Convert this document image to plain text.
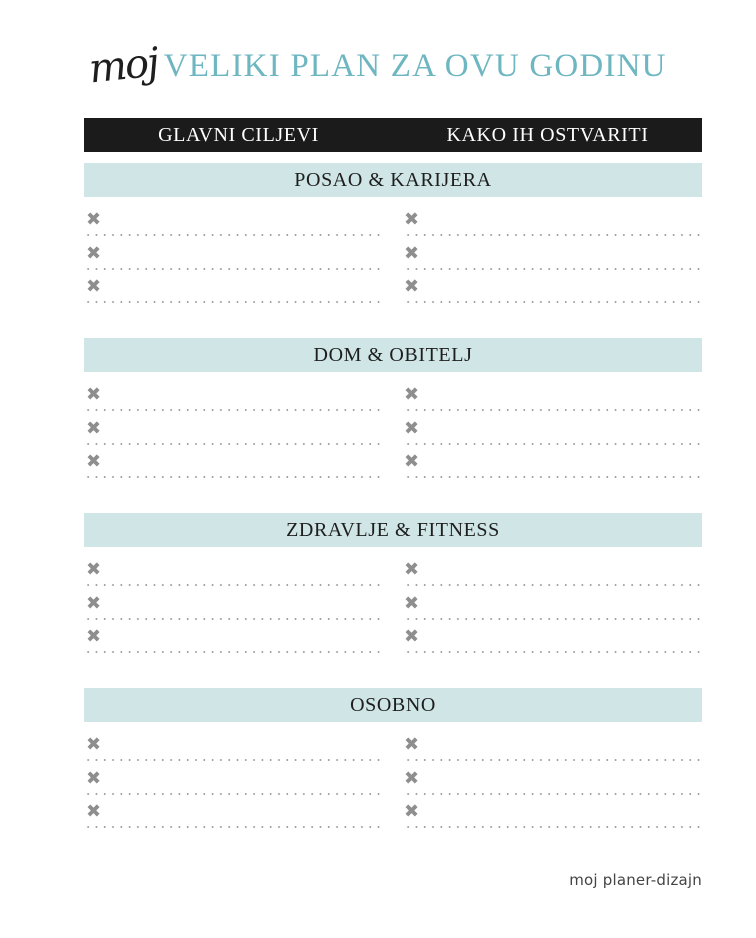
moj VELIKI PLAN ZA OVU GODINU
GLAVNI CILJEVI	KAKO IH OSTVARITI
POSAO & KARIJERA
✖
✖
✖
✖
✖
✖
DOM & OBITELJ
✖
✖
✖
✖
✖
✖
ZDRAVLJE & FITNESS
✖
✖
✖
✖
✖
✖
OSOBNO
✖
✖
✖
✖
✖
✖
moj planer-dizajn
